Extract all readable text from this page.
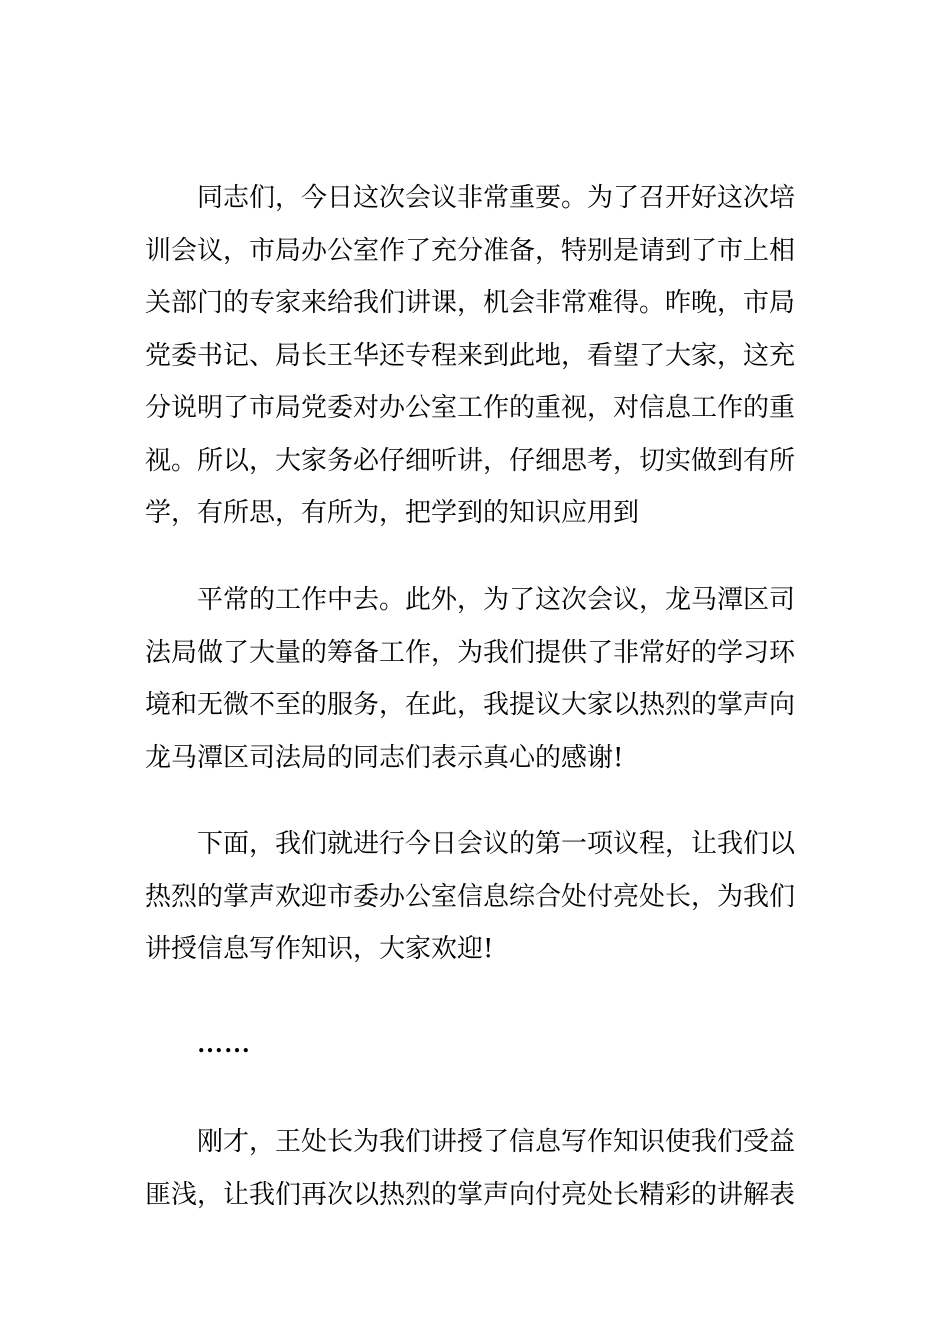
同志们，今日这次会议非常重要。为了召开好这次培
训会议，市局办公室作了充分准备，特别是请到了市上相
关部门的专家来给我们讲课，机会非常难得。昨晚，市局
党委书记、局长王华还专程来到此地，看望了大家，这充
分说明了市局党委对办公室工作的重视，对信息工作的重
视。所以，大家务必仔细听讲，仔细思考，切实做到有所
学，有所思，有所为，把学到的知识应用到
平常的工作中去。此外，为了这次会议，龙马潭区司
法局做了大量的筹备工作，为我们提供了非常好的学习环
境和无微不至的服务，在此，我提议大家以热烈的掌声向
龙马潭区司法局的同志们表示真心的感谢!
下面，我们就进行今日会议的第一项议程，让我们以
热烈的掌声欢迎市委办公室信息综合处付亮处长，为我们
讲授信息写作知识，大家欢迎!
……
刚才，王处长为我们讲授了信息写作知识使我们受益
匪浅，让我们再次以热烈的掌声向付亮处长精彩的讲解表
